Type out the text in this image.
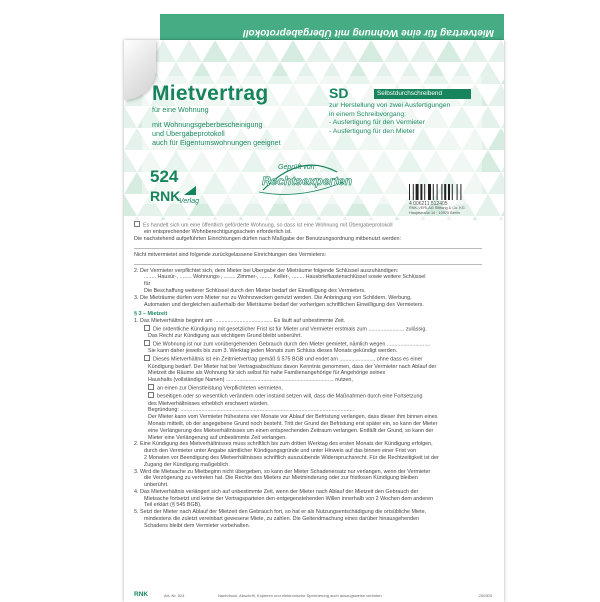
Mietvertrag für eine Wohnung mit Übergabeprotokoll
Mietvertrag
für eine Wohnung
mit Wohnungsgeberbescheinigung
und Übergabeprotokoll
auch für Eigentumswohnungen geeignet
SD	Selbstdurchschreibend
zur Herstellung von zwei Ausfertigungen
in einem Schreibvorgang:
- Ausfertigung für den Vermieter
- Ausfertigung für den Mieter
Geprüft von
Rechtsexperten
524
RNK
Verlag	4 006211 512405
RNK-VERLAG Stiftung & Co. KG
Hauptstraße 14 · 10975 Berlin
Es handelt sich um eine öffentlich geförderte Wohnung, so dass ist eine Wohnung mit Übergabeprotokoll
ein entsprechender Wohnberechtigungsschein erforderlich ist.
Die nachstehend aufgeführten Einrichtungen dürfen nach Maßgabe der Benutzungsordnung mitbenutzt werden:
Nicht mitvermietet sind folgende zurückgelassene Einrichtungen des Vermieters:
2. Der Vermieter verpflichtet sich, dem Mieter bei Übergabe der Mieträume folgende Schlüssel auszuhändigen:
........ Hausür-, ........ Wohnungs-, ........ Zimmer-, ........ Keller-, ........ Hausbriefkastenschlüssel sowie weitere Schlüssel
für
Die Beschaffung weiterer Schlüssel durch den Mieter bedarf der Einwilligung des Vermieters.
3. Die Mieträume dürfen vom Mieter nur zu Wohnzwecken genutzt werden. Die Anbringung von Schildern, Werbung,
Automaten und dergleichen außerhalb der Mieträume bedarf der vorherigen schriftlichen Einwilligung des Vermieters.
§ 3 – Mietzeit
1. Das Mietverhältnis beginnt am ....................................... Es läuft auf unbestimmte Zeit.
Die ordentliche Kündigung mit gesetzlicher Frist ist für Mieter und Vermieter erstmals zum ........................ zulässig.
Das Recht zur Kündigung aus wichtigem Grund bleibt unberührt.
Die Wohnung ist nur zum vorübergehenden Gebrauch durch den Mieter gemietet, nämlich wegen .............................
Sie kann daher jeweils bis zum 3. Werktag jeden Monats zum Schluss dieses Monats gekündigt werden.
Dieses Mietverhältnis ist ein Zeitmietvertrag gemäß § 575 BGB und endet am ......................., ohne dass es einer
Kündigung bedarf. Der Mieter hat bei Vertragsabschluss davon Kenntnis genommen, dass der Vermieter nach Ablauf der
Mietzeit die Räume als Wohnung für sich selbst für nahe Familienangehörige für Angehörige seines
Haushalts (vollständige Namen) ........................................................................ nutzen,
an einen zur Dienstleistung Verpflichteten vermieten,
beseitigen oder so wesentlich verändern oder instand setzen will, dass die Maßnahmen durch eine Fortsetzung
des Mietverhältnisses erheblich erschwert würden.
Begründung: ....................................................................................................................
Der Mieter kann vom Vermieter frühestens vier Monate vor Ablauf der Befristung verlangen, dass dieser ihm binnen eines
Monats mitteilt, ob der angegebene Grund noch besteht. Tritt der Grund der Befristung erst später ein, so kann der Mieter
eine Verlängerung des Mietverhältnisses um einen entsprechenden Zeitraum verlangen. Entfällt der Grund, so kann der
Mieter eine Verlängerung auf unbestimmte Zeit verlangen.
2. Eine Kündigung des Mietverhältnisses muss schriftlich bis zum dritten Werktag des ersten Monats der Kündigung erfolgen,
durch den Vermieter unter Angabe sämtlicher Kündigungsgründe und unter Hinweis auf das binnen einer Frist von
2 Monaten vor Beendigung des Mietverhältnisses schriftlich auszuübende Widerspruchsrecht. Für die Rechtzeitigkeit ist der
Zugang der Kündigung maßgeblich.
3. Wird die Mietsache zu Mietbeginn nicht übergeben, so kann der Mieter Schadenersatz nur verlangen, wenn der Vermieter
die Verzögerung zu vertreten hat. Die Rechte des Mieters zur Mietminderung oder zur fristlosen Kündigung bleiben
unberührt.
4. Das Mietverhältnis verlängert sich auf unbestimmte Zeit, wenn der Mieter nach Ablauf der Mietzeit den Gebrauch der
Mietsache fortsetzt und keine der Vertragsparteien den entgegenstehenden Willen innerhalb von 2 Wochen dem anderen
Teil erklärt (§ 545 BGB).
5. Setzt der Mieter nach Ablauf der Mietzeit den Gebrauch fort, so hat er als Nutzungsentschädigung die ortsübliche Miete,
mindestens die zuletzt vereinbart gewesene Miete, zu zahlen. Die Geltendmachung eines darüber hinausgehenden
Schadens bleibt dem Vermieter vorbehalten.
RNK	Art.-Nr. 524	Nachdruck, Abschrift, Kopieren und elektronische Speicherung auch auszugsweise verboten.	200303
